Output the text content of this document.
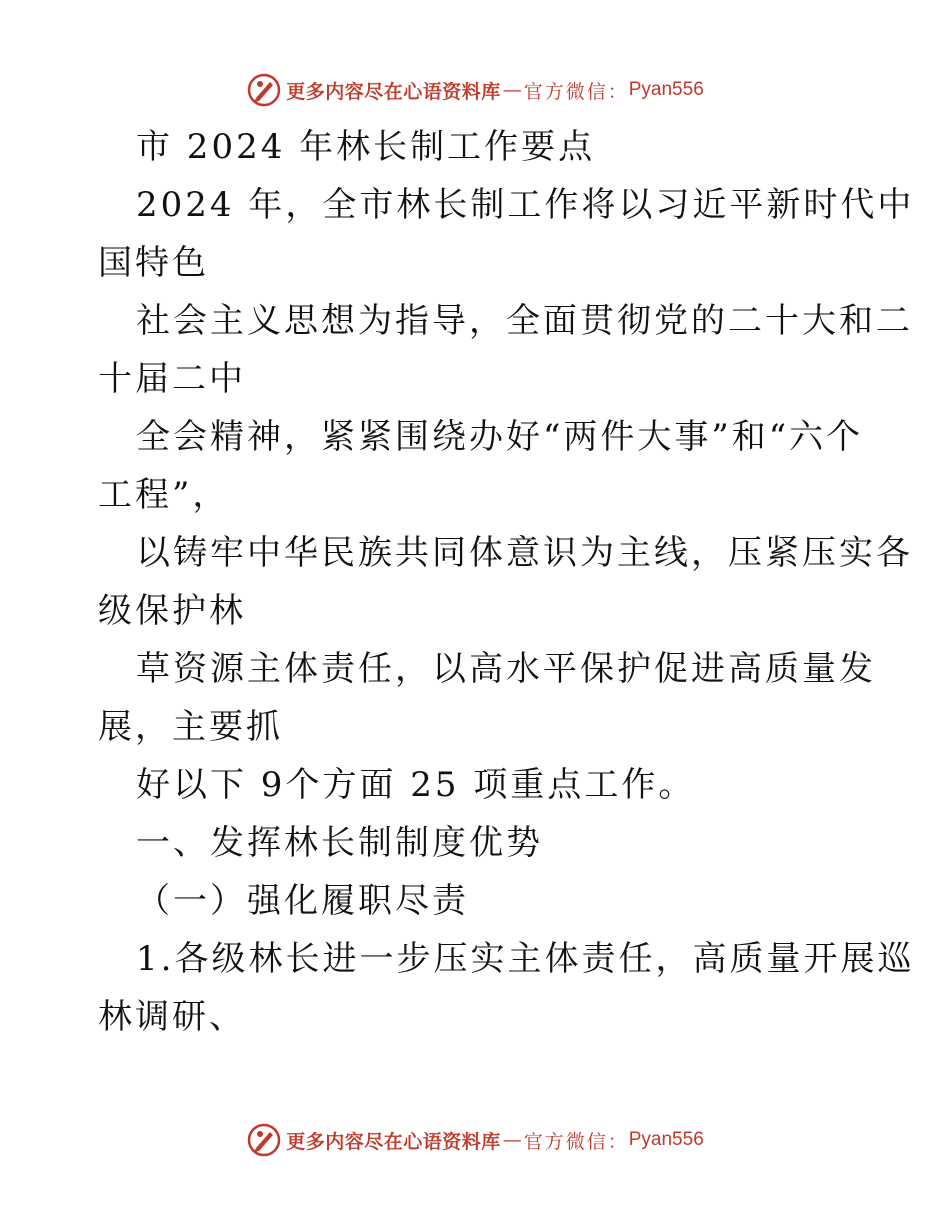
更多内容尽在心语资料库 — 官方微信： Pyan556
市 2024 年林长制工作要点
2024 年，全市林长制工作将以习近平新时代中
国特色
社会主义思想为指导，全面贯彻党的二十大和二
十届二中
全会精神，紧紧围绕办好“两件大事”和“六个
工程”，
以铸牢中华民族共同体意识为主线，压紧压实各
级保护林
草资源主体责任，以高水平保护促进高质量发
展，主要抓
好以下 9个方面 25 项重点工作。
一、发挥林长制制度优势
（一）强化履职尽责
1.各级林长进一步压实主体责任，高质量开展巡
林调研、
更多内容尽在心语资料库 — 官方微信： Pyan556
